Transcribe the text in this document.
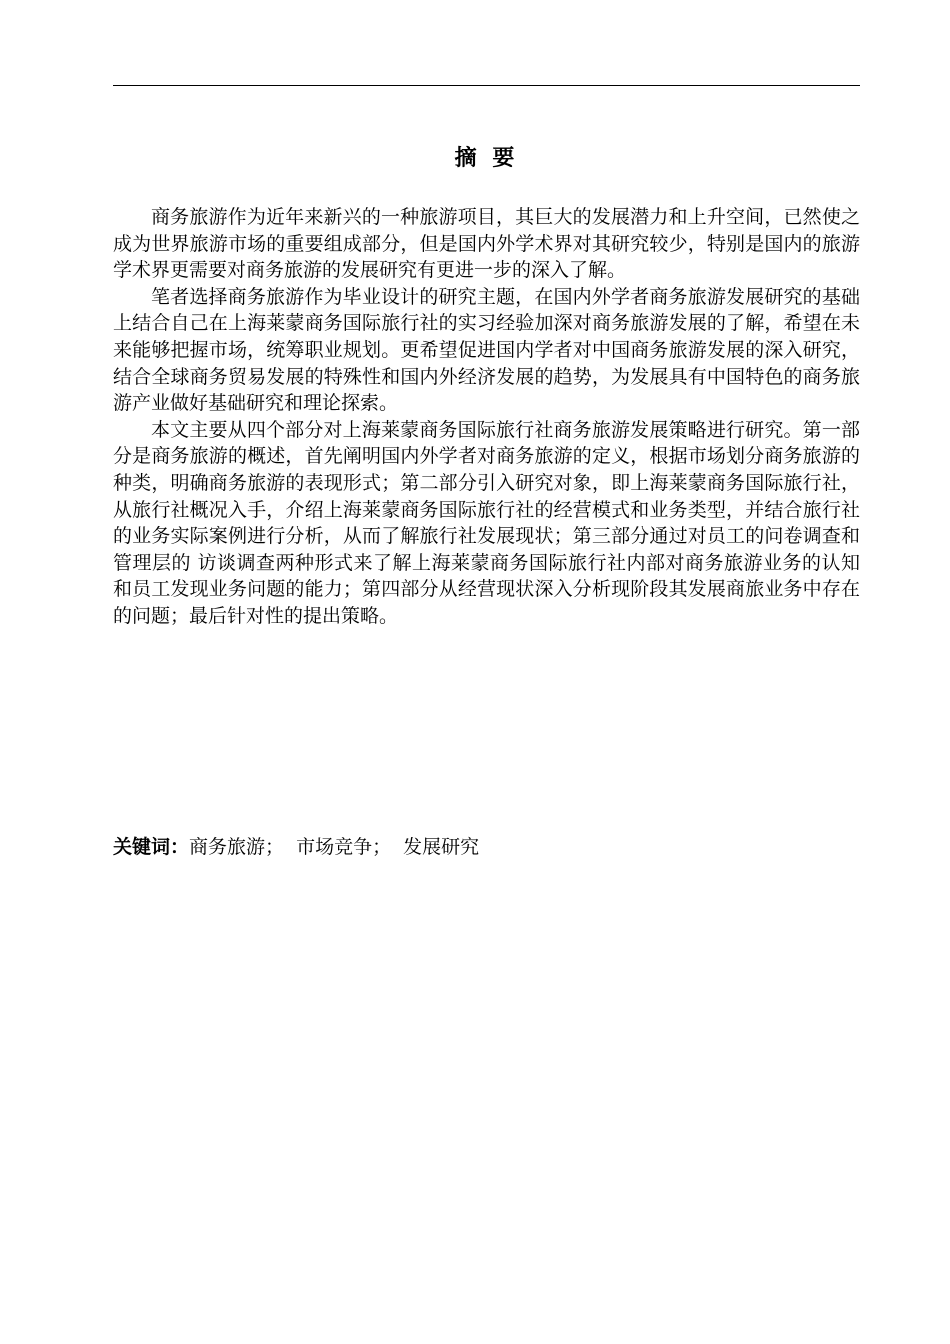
摘 要

商务旅游作为近年来新兴的一种旅游项目，其巨大的发展潜力和上升空间，已然使之成为世界旅游市场的重要组成部分，但是国内外学术界对其研究较少，特别是国内的旅游学术界更需要对商务旅游的发展研究有更进一步的深入了解。

笔者选择商务旅游作为毕业设计的研究主题，在国内外学者商务旅游发展研究的基础上结合自己在上海莱蒙商务国际旅行社的实习经验加深对商务旅游发展的了解，希望在未来能够把握市场，统筹职业规划。更希望促进国内学者对中国商务旅游发展的深入研究，结合全球商务贸易发展的特殊性和国内外经济发展的趋势，为发展具有中国特色的商务旅游产业做好基础研究和理论探索。

本文主要从四个部分对上海莱蒙商务国际旅行社商务旅游发展策略进行研究。第一部分是商务旅游的概述，首先阐明国内外学者对商务旅游的定义，根据市场划分商务旅游的种类，明确商务旅游的表现形式；第二部分引入研究对象，即上海莱蒙商务国际旅行社，从旅行社概况入手，介绍上海莱蒙商务国际旅行社的经营模式和业务类型，并结合旅行社的业务实际案例进行分析，从而了解旅行社发展现状；第三部分通过对员工的问卷调查和管理层的 访谈调查两种形式来了解上海莱蒙商务国际旅行社内部对商务旅游业务的认知和员工发现业务问题的能力；第四部分从经营现状深入分析现阶段其发展商旅业务中存在的问题；最后针对性的提出策略。

关键词：商务旅游； 市场竞争； 发展研究
